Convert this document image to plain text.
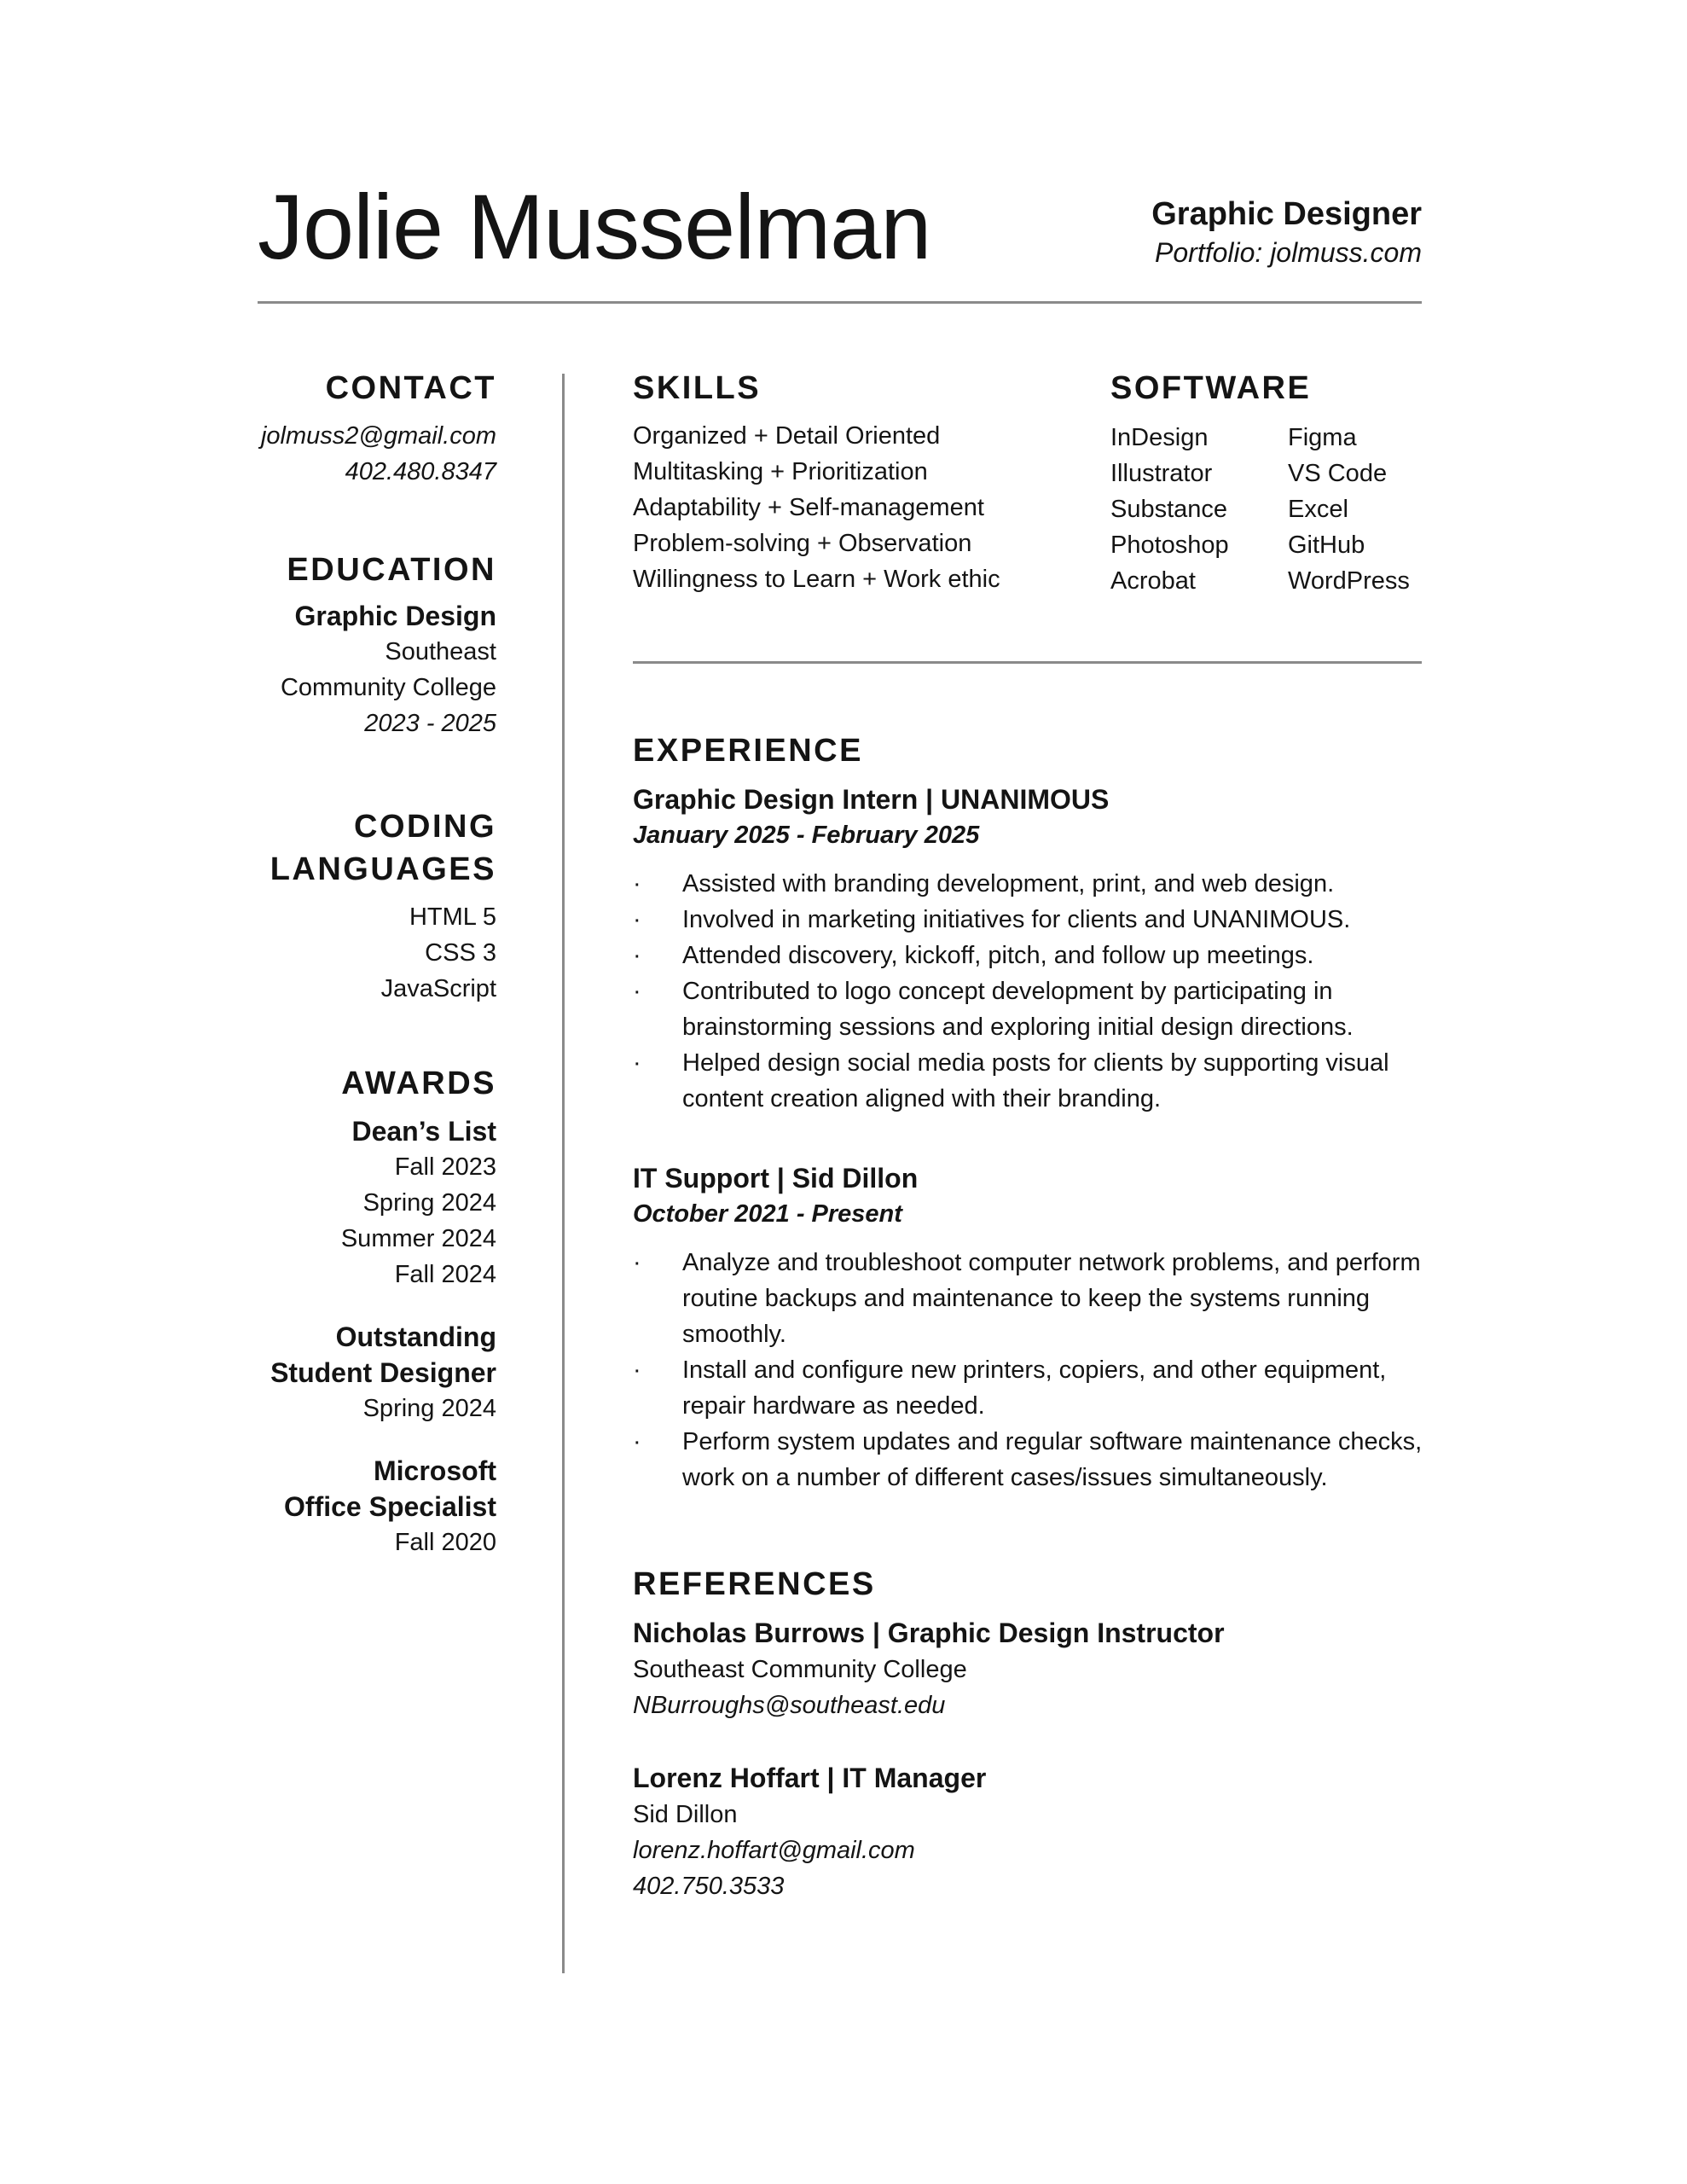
Jolie Musselman	Graphic Designer
Portfolio: jolmuss.com
CONTACT
jolmuss2@gmail.com
402.480.8347
EDUCATION
Graphic Design
Southeast
Community College
2023 - 2025
CODING
LANGUAGES
HTML 5
CSS 3
JavaScript
AWARDS
Dean’s List
Fall 2023
Spring 2024
Summer 2024
Fall 2024
Outstanding
Student Designer
Spring 2024
Microsoft
Office Specialist
Fall 2020
SKILLS
Organized + Detail Oriented
Multitasking + Prioritization
Adaptability + Self-management
Problem-solving + Observation
Willingness to Learn + Work ethic
SOFTWARE
InDesign
Illustrator
Substance
Photoshop
Acrobat
Figma
VS Code
Excel
GitHub
WordPress
EXPERIENCE
Graphic Design Intern | UNANIMOUS
January 2025 - February 2025
· Assisted with branding development, print, and web design.
· Involved in marketing initiatives for clients and UNANIMOUS.
· Attended discovery, kickoff, pitch, and follow up meetings.
· Contributed to logo concept development by participating in brainstorming sessions and exploring initial design directions.
· Helped design social media posts for clients by supporting visual content creation aligned with their branding.
IT Support | Sid Dillon
October 2021 - Present
· Analyze and troubleshoot computer network problems, and perform routine backups and maintenance to keep the systems running smoothly.
· Install and configure new printers, copiers, and other equipment, repair hardware as needed.
· Perform system updates and regular software maintenance checks, work on a number of different cases/issues simultaneously.
REFERENCES
Nicholas Burrows | Graphic Design Instructor
Southeast Community College
NBurroughs@southeast.edu
Lorenz Hoffart | IT Manager
Sid Dillon
lorenz.hoffart@gmail.com
402.750.3533
